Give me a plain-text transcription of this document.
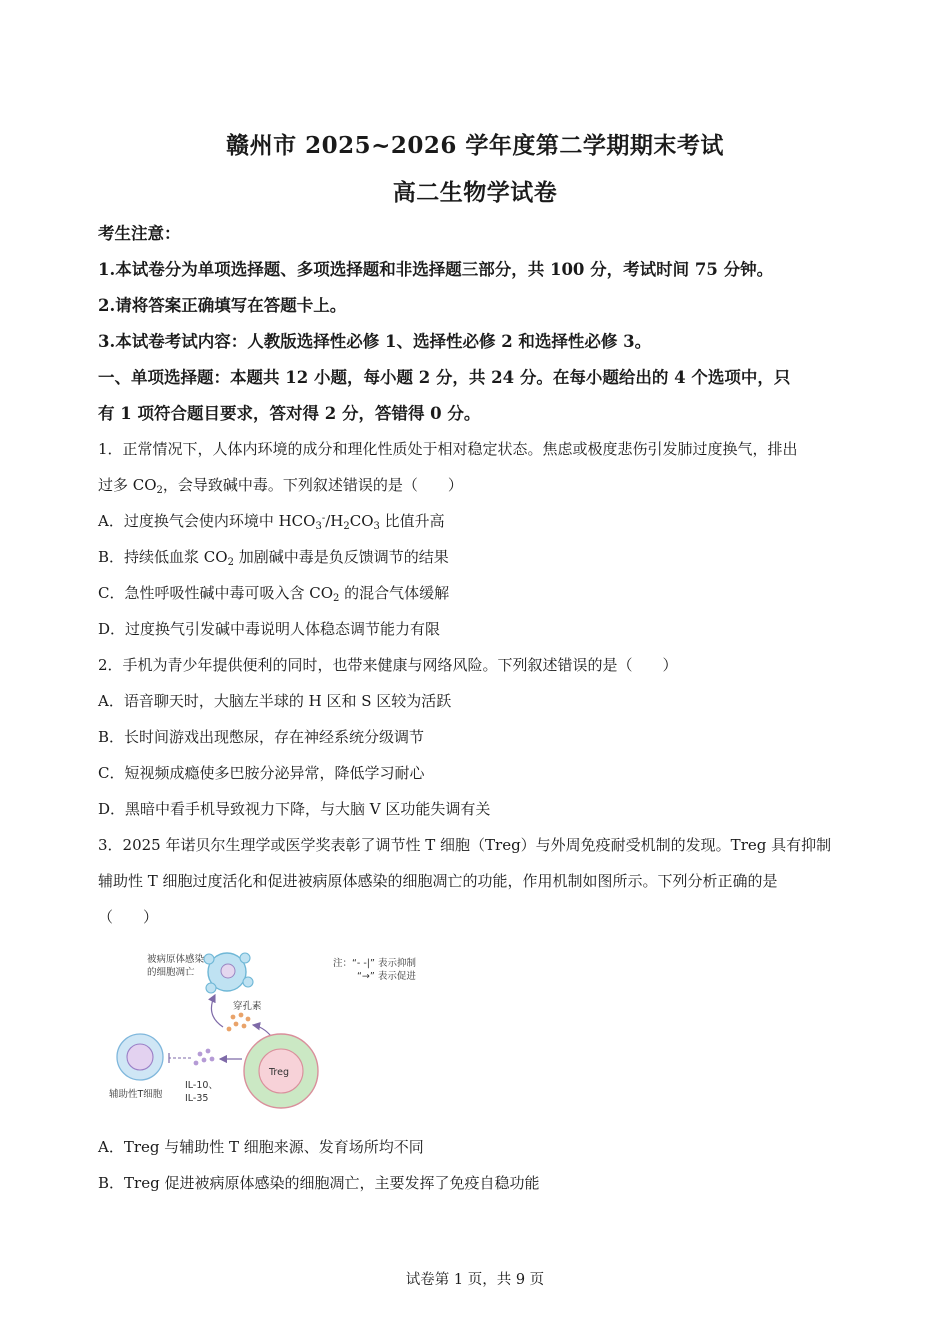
赣州市 2025~2026 学年度第二学期期末考试
高二生物学试卷
考生注意：
1.本试卷分为单项选择题、多项选择题和非选择题三部分，共 100 分，考试时间 75 分钟。
2.请将答案正确填写在答题卡上。
3.本试卷考试内容：人教版选择性必修 1、选择性必修 2 和选择性必修 3。
一、单项选择题：本题共 12 小题，每小题 2 分，共 24 分。在每小题给出的 4 个选项中，只
有 1 项符合题目要求，答对得 2 分，答错得 0 分。
1．正常情况下，人体内环境的成分和理化性质处于相对稳定状态。焦虑或极度悲伤引发肺过度换气，排出
过多 $CO_2$，会导致碱中毒。下列叙述错误的是（　　）
A．过度换气会使内环境中 $HCO_3^-/H_2CO_3$ 比值升高
B．持续低血浆 $CO_2$ 加剧碱中毒是负反馈调节的结果
C．急性呼吸性碱中毒可吸入含 $CO_2$ 的混合气体缓解
D．过度换气引发碱中毒说明人体稳态调节能力有限
2．手机为青少年提供便利的同时，也带来健康与网络风险。下列叙述错误的是（　　）
A．语音聊天时，大脑左半球的 H 区和 S 区较为活跃
B．长时间游戏出现憋尿，存在神经系统分级调节
C．短视频成瘾使多巴胺分泌异常，降低学习耐心
D．黑暗中看手机导致视力下降，与大脑 V 区功能失调有关
3．2025 年诺贝尔生理学或医学奖表彰了调节性 T 细胞（Treg）与外周免疫耐受机制的发现。Treg 具有抑制
辅助性 T 细胞过度活化和促进被病原体感染的细胞凋亡的功能，作用机制如图所示。下列分析正确的是
（　　）
被病原体感染
的细胞凋亡
注：“- -|” 表示抑制
“→” 表示促进
穿孔素
Treg
IL-10、
IL-35
辅助性T细胞
A．Treg 与辅助性 T 细胞来源、发育场所均不同
B．Treg 促进被病原体感染的细胞凋亡，主要发挥了免疫自稳功能
试卷第 1 页，共 9 页
